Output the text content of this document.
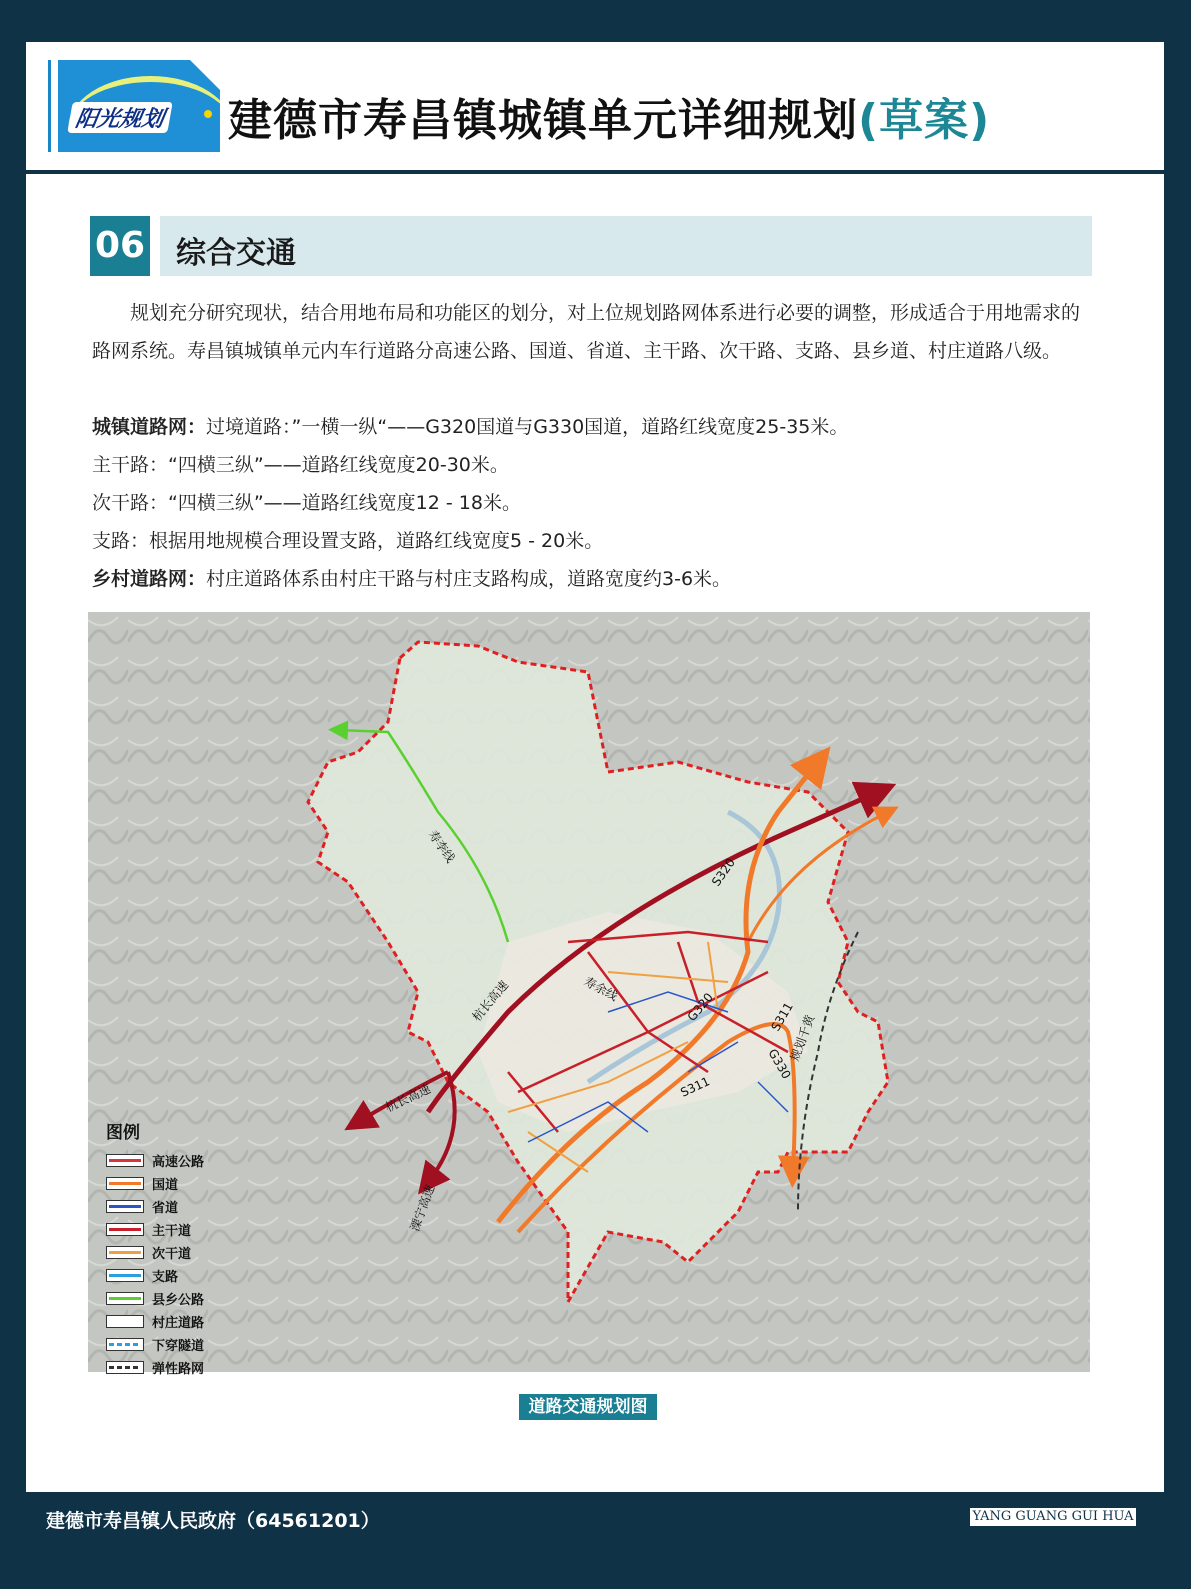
阳光规划 建德市寿昌镇城镇单元详细规划(草案)
06 综合交通

规划充分研究现状，结合用地布局和功能区的划分，对上位规划路网体系进行必要的调整，形成适合于用地需求的路网系统。寿昌镇城镇单元内车行道路分高速公路、国道、省道、主干路、次干路、支路、县乡道、村庄道路八级。

城镇道路网：过境道路：”一横一纵“——G320国道与G330国道，道路红线宽度25-35米。

主干路：“四横三纵”——道路红线宽度20-30米。

次干路：“四横三纵”——道路红线宽度12 - 18米。

支路：根据用地规模合理设置支路，道路红线宽度5 - 20米。

乡村道路网：村庄道路体系由村庄干路与村庄支路构成，道路宽度约3-6米。

图例
高速公路
国道
省道
主干道
次干道
支路
县乡公路
村庄道路
下穿隧道
弹性路网
寿李线
杭长高速
杭长高速
溧宁高速
寿余线
S320
G320
S311
S311
G330
规划千黄
道路交通规划图
建德市寿昌镇人民政府（64561201）	YANG GUANG GUI HUA
